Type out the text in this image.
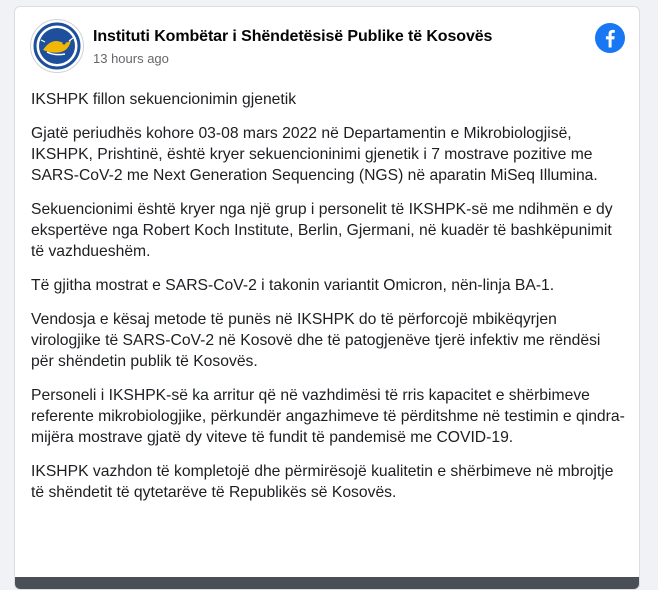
Instituti Kombëtar i Shëndetësisë Publike të Kosovës
13 hours ago

IKSHPK fillon sekuencionimin gjenetik

Gjatë periudhës kohore 03-08 mars 2022 në Departamentin e Mikrobiologjisë, IKSHPK, Prishtinë, është kryer sekuencioninimi gjenetik i 7 mostrave pozitive me SARS-CoV-2 me Next Generation Sequencing (NGS) në aparatin MiSeq Illumina.

Sekuencionimi është kryer nga një grup i personelit të IKSHPK-së me ndihmën e dy ekspertëve nga Robert Koch Institute, Berlin, Gjermani, në kuadër të bashkëpunimit të vazhdueshëm.

Të gjitha mostrat e SARS-CoV-2 i takonin variantit Omicron, nën-linja BA-1.

Vendosja e kësaj metode të punës në IKSHPK do të përforcojë mbikëqyrjen virologjike të SARS-CoV-2 në Kosovë dhe të patogjenëve tjerë infektiv me rëndësi për shëndetin publik të Kosovës.

Personeli i IKSHPK-së ka arritur që në vazhdimësi të rris kapacitet e shërbimeve referente mikrobiologjike, përkundër angazhimeve të përditshme në testimin e qindra-mijëra mostrave gjatë dy viteve të fundit të pandemisë me COVID-19.

IKSHPK vazhdon të kompletojë dhe përmirësojë kualitetin e shërbimeve në mbrojtje të shëndetit të qytetarëve të Republikës së Kosovës.
